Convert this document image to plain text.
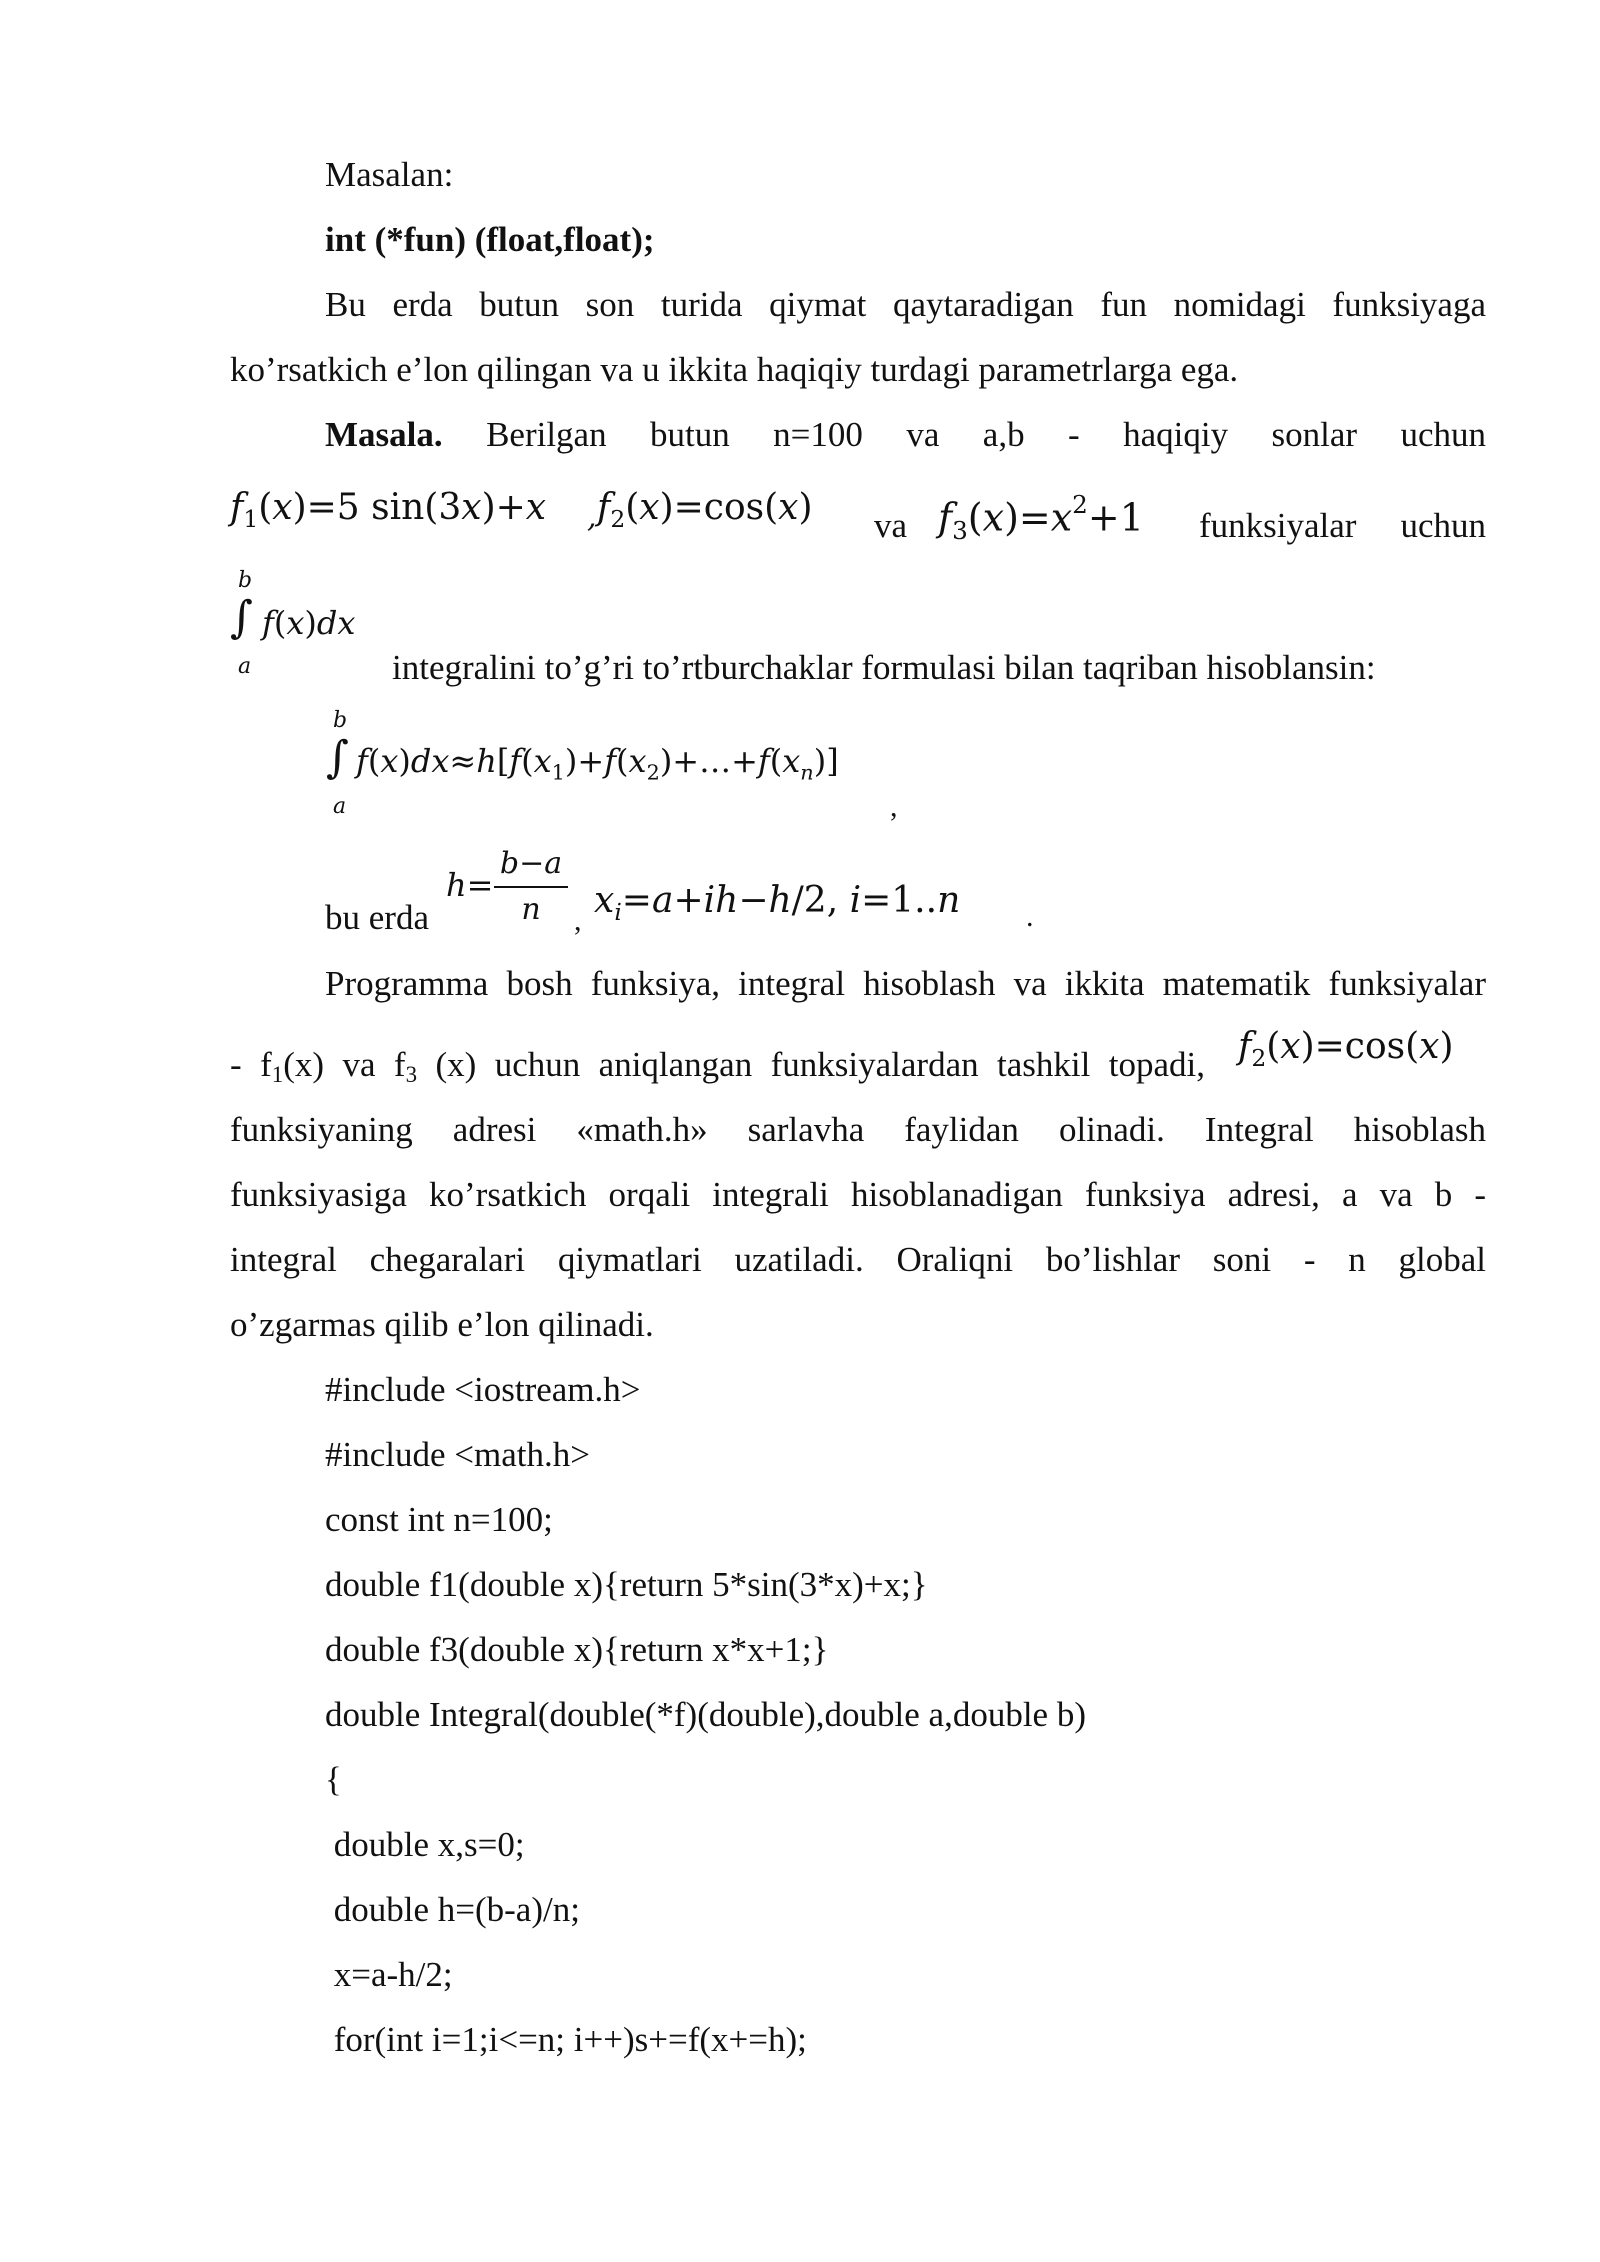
Masalan:
int (*fun) (float,float);
Bu erda butun son turida qiymat qaytaradigan fun nomidagi funksiyaga
ko’rsatkich e’lon qilingan va u ikkita haqiqiy turdagi parametrlarga ega.
Masala. Berilgan butun n=100 va a,b - haqiqiy sonlar uchun
$f_1(x)=5$ sin(3x)+x , $f_2(x)=\cos(x)$ va $f_3(x)=x^2+1$ funksiyalar uchun
b
∫ f(x)dx
a	integralini to’g’ri to’rtburchaklar formulasi bilan taqriban hisoblansin:
b
∫ $f(x)dx\approx h[f(x_1)+f(x_2)+\dots+f(x_n)]$
a	,
bu erda
h=
b−a
n	, $x_i=a+ih-h/2$, i=1..n .
Programma bosh funksiya, integral hisoblash va ikkita matematik funksiyalar
- f1(x) va f3 (x) uchun aniqlangan funksiyalardan tashkil topadi, $f_2(x)=\cos(x)$
funksiyaning adresi «math.h» sarlavha faylidan olinadi. Integral hisoblash
funksiyasiga ko’rsatkich orqali integrali hisoblanadigan funksiya adresi, a va b -
integral chegaralari qiymatlari uzatiladi. Oraliqni bo’lishlar soni - n global
o’zgarmas qilib e’lon qilinadi.
#include <iostream.h>
#include <math.h>
const int n=100;
double f1(double x){return 5*sin(3*x)+x;}
double f3(double x){return x*x+1;}
double Integral(double(*f)(double),double a,double b)
{
double x,s=0;
double h=(b-a)/n;
x=a-h/2;
for(int i=1;i<=n; i++)s+=f(x+=h);
